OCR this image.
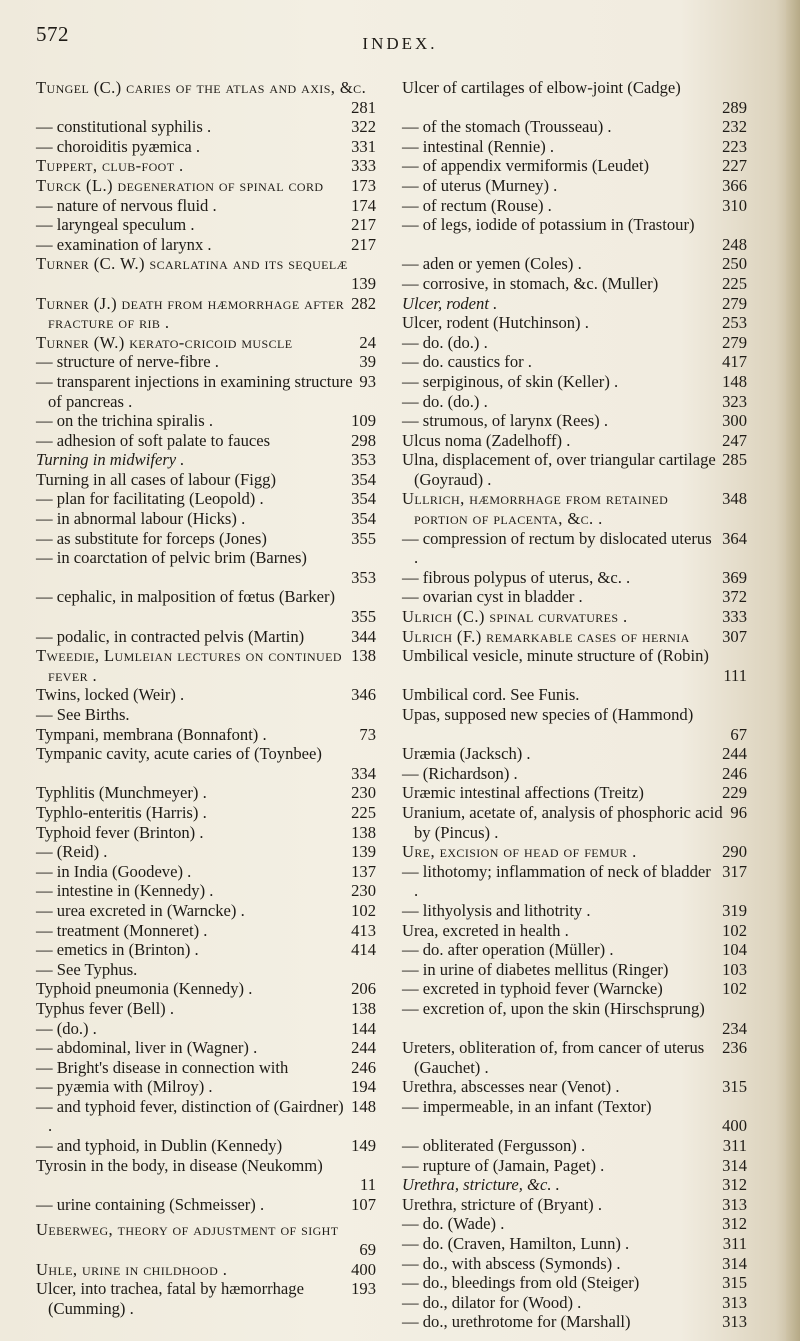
572	INDEX.
Tungel (C.) caries of the atlas and axis, &c.
281
322
— constitutional syphilis .
331
— choroiditis pyæmica .
333
Tuppert, club-foot .
173
Turck (L.) degeneration of spinal cord
174
— nature of nervous fluid .
217
— laryngeal speculum .
217
— examination of larynx .
Turner (C. W.) scarlatina and its sequelæ
139
282
Turner (J.) death from hæmorrhage after fracture of rib .
24
Turner (W.) kerato-cricoid muscle
39
— structure of nerve-fibre .
93
— transparent injections in examining structure of pancreas .
109
— on the trichina spiralis .
298
— adhesion of soft palate to fauces
353
Turning in midwifery .
354
Turning in all cases of labour (Figg)
354
— plan for facilitating (Leopold) .
354
— in abnormal labour (Hicks) .
355
— as substitute for forceps (Jones)
— in coarctation of pelvic brim (Barnes)
353
— cephalic, in malposition of fœtus (Barker)
355
344
— podalic, in contracted pelvis (Martin)
138
Tweedie, Lumleian lectures on continued fever .
346
Twins, locked (Weir) .
— See Births.
73
Tympani, membrana (Bonnafont) .
Tympanic cavity, acute caries of (Toynbee)
334
230
Typhlitis (Munchmeyer) .
225
Typhlo-enteritis (Harris) .
138
Typhoid fever (Brinton) .
139
— (Reid) .
137
— in India (Goodeve) .
230
— intestine in (Kennedy) .
102
— urea excreted in (Warncke) .
413
— treatment (Monneret) .
414
— emetics in (Brinton) .
— See Typhus.
206
Typhoid pneumonia (Kennedy) .
138
Typhus fever (Bell) .
144
— (do.) .
244
— abdominal, liver in (Wagner) .
246
— Bright's disease in connection with
194
— pyæmia with (Milroy) .
148
— and typhoid fever, distinction of (Gairdner) .
149
— and typhoid, in Dublin (Kennedy)
Tyrosin in the body, in disease (Neukomm)
11
107
— urine containing (Schmeisser) .
Ueberweg, theory of adjustment of sight
69
400
Uhle, urine in childhood .
193
Ulcer, into trachea, fatal by hæmorrhage (Cumming) .
Ulcer of cartilages of elbow-joint (Cadge)
289
232
— of the stomach (Trousseau) .
223
— intestinal (Rennie) .
227
— of appendix vermiformis (Leudet)
366
— of uterus (Murney) .
310
— of rectum (Rouse) .
— of legs, iodide of potassium in (Trastour)
248
250
— aden or yemen (Coles) .
225
— corrosive, in stomach, &c. (Muller)
279
Ulcer, rodent .
253
Ulcer, rodent (Hutchinson) .
279
— do. (do.) .
417
— do. caustics for .
148
— serpiginous, of skin (Keller) .
323
— do. (do.) .
300
— strumous, of larynx (Rees) .
247
Ulcus noma (Zadelhoff) .
285
Ulna, displacement of, over triangular cartilage (Goyraud) .
348
Ullrich, hæmorrhage from retained portion of placenta, &c. .
364
— compression of rectum by dislocated uterus .
369
— fibrous polypus of uterus, &c. .
372
— ovarian cyst in bladder .
333
Ulrich (C.) spinal curvatures .
307
Ulrich (F.) remarkable cases of hernia
Umbilical vesicle, minute structure of (Robin)
111
Umbilical cord. See Funis.
Upas, supposed new species of (Hammond)
67
244
Uræmia (Jacksch) .
246
— (Richardson) .
229
Uræmic intestinal affections (Treitz)
96
Uranium, acetate of, analysis of phosphoric acid by (Pincus) .
290
Ure, excision of head of femur .
317
— lithotomy; inflammation of neck of bladder .
319
— lithyolysis and lithotrity .
102
Urea, excreted in health .
104
— do. after operation (Müller) .
103
— in urine of diabetes mellitus (Ringer)
102
— excreted in typhoid fever (Warncke)
— excretion of, upon the skin (Hirschsprung)
234
236
Ureters, obliteration of, from cancer of uterus (Gauchet) .
315
Urethra, abscesses near (Venot) .
— impermeable, in an infant (Textor)
400
311
— obliterated (Fergusson) .
314
— rupture of (Jamain, Paget) .
312
Urethra, stricture, &c. .
313
Urethra, stricture of (Bryant) .
312
— do. (Wade) .
311
— do. (Craven, Hamilton, Lunn) .
314
— do., with abscess (Symonds) .
315
— do., bleedings from old (Steiger)
313
— do., dilator for (Wood) .
313
— do., urethrotome for (Marshall)
